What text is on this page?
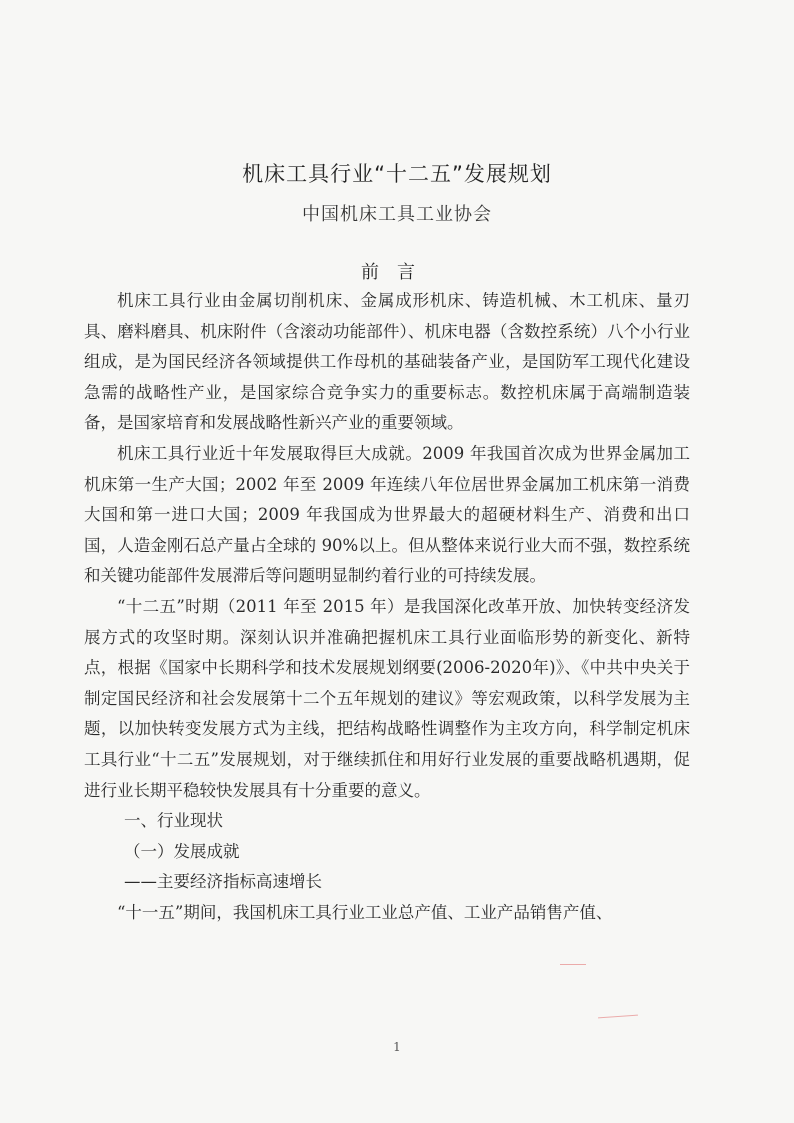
机床工具行业“十二五”发展规划
中国机床工具工业协会
前言

机床工具行业由金属切削机床、金属成形机床、铸造机械、木工机床、量刃具、磨料磨具、机床附件（含滚动功能部件）、机床电器（含数控系统）八个小行业组成，是为国民经济各领域提供工作母机的基础装备产业，是国防军工现代化建设急需的战略性产业，是国家综合竞争实力的重要标志。数控机床属于高端制造装备，是国家培育和发展战略性新兴产业的重要领域。

机床工具行业近十年发展取得巨大成就。2009 年我国首次成为世界金属加工机床第一生产大国；2002 年至 2009 年连续八年位居世界金属加工机床第一消费大国和第一进口大国；2009 年我国成为世界最大的超硬材料生产、消费和出口国，人造金刚石总产量占全球的 90%以上。但从整体来说行业大而不强，数控系统和关键功能部件发展滞后等问题明显制约着行业的可持续发展。

“十二五”时期（2011 年至 2015 年）是我国深化改革开放、加快转变经济发展方式的攻坚时期。深刻认识并准确把握机床工具行业面临形势的新变化、新特点，根据《国家中长期科学和技术发展规划纲要(2006-2020年)》、《中共中央关于制定国民经济和社会发展第十二个五年规划的建议》等宏观政策，以科学发展为主题，以加快转变发展方式为主线，把结构战略性调整作为主攻方向，科学制定机床工具行业“十二五”发展规划，对于继续抓住和用好行业发展的重要战略机遇期，促进行业长期平稳较快发展具有十分重要的意义。

一、行业现状
（一）发展成就
——主要经济指标高速增长

“十一五”期间，我国机床工具行业工业总产值、工业产品销售产值、

1
